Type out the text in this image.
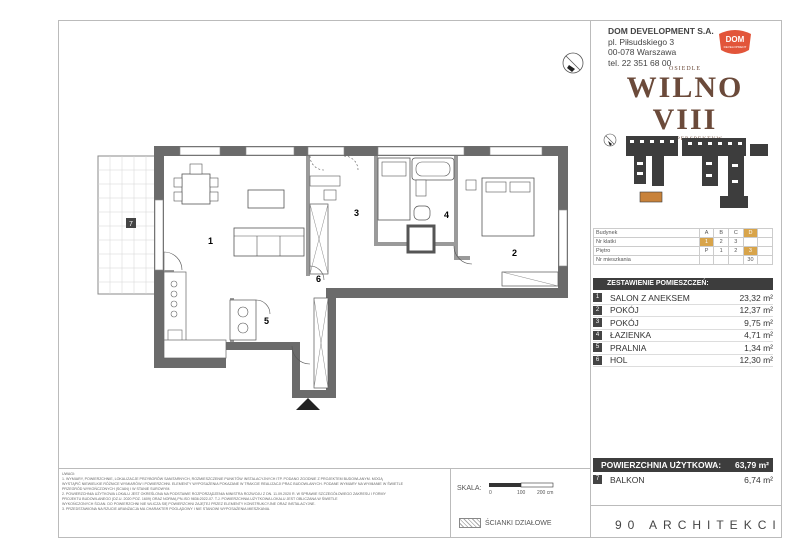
DOM DEVELOPMENT S.A.
pl. Piłsudskiego 3
00-078 Warszawa
tel. 22 351 68 00
DOM
DEVELOPMENT
OSIEDLE
WILNO VIII
Budynek	A	B	C	D	
Nr klatki	1	2	3		
Piętro	P	1	2	3	
Nr mieszkania				30	
ZESTAWIENIE POMIESZCZEŃ:
1	SALON Z ANEKSEM	23,32 m²
2	POKÓJ	12,37 m²
3	POKÓJ	9,75 m²
4	ŁAZIENKA	4,71 m²
5	PRALNIA	1,34 m²
6	HOL	12,30 m²
POWIERZCHNIA UŻYTKOWA:	63,79 m²
7	BALKON	6,74 m²
1
2
3	4
5
6
7
UWAGI:
1. WYMIARY, POWIERZCHNIE, LOKALIZACJE PRZYBORÓW SANITARNYCH, ROZMIESZCZENIE PUNKTÓW INSTALACYJNYCH ITP. PODANO ZGODNIE Z PROJEKTEM BUDOWLANYM. MOGĄ
WYSTĄPIĆ NIEWIELKIE RÓŻNICE WYMIARÓW I POWIERZCHNI. ELEMENTY WYPOSAŻENIA POKAZANE W TRAKCIE REALIZACJI PRAC BUDOWLANYCH. PODANE WYMIARY NA WYMIANIE W ŚWIETLE
PRZEGRÓD WYKOŃCZONYCH (SCIAN) I W STANIE SUROWYM.
2. POWIERZCHNIA UŻYTKOWA LOKALU JEST OKREŚLONA NA PODSTAWIE ROZPORZĄDZENIA MINISTRA ROZWOJU Z DN. 11.09.2020 R. W SPRAWIE SZCZEGÓŁOWEGO ZAKRESU I FORMY
PROJEKTU BUDOWLANEGO (DZ.U. 2020 POZ. 1609) ORAZ NORMĄ PN-ISO 9836:2022-07. T.J. POWIERZCHNIA UŻYTKOWA LOKALU JEST OBLICZANA W ŚWIETLE
WYKOŃCZONYCH ŚCIAN. DO POWIERZCHNI NIE WLICZA SIĘ POWIERZCHNI ZAJĘTEJ PRZEZ ELEMENTY KONSTRUKCYJNE ORAZ INSTALACYJNE.
3. PRZEDSTAWIONA NA RZUCIE ARANŻACJA MA CHARAKTER POGLĄDOWY I NIE STANOWI WYPOSAŻENIA MIESZKANIA.
SKALA:
0	100 200 cm
ŚCIANKI DZIAŁOWE	90 ARCHITEKCI
